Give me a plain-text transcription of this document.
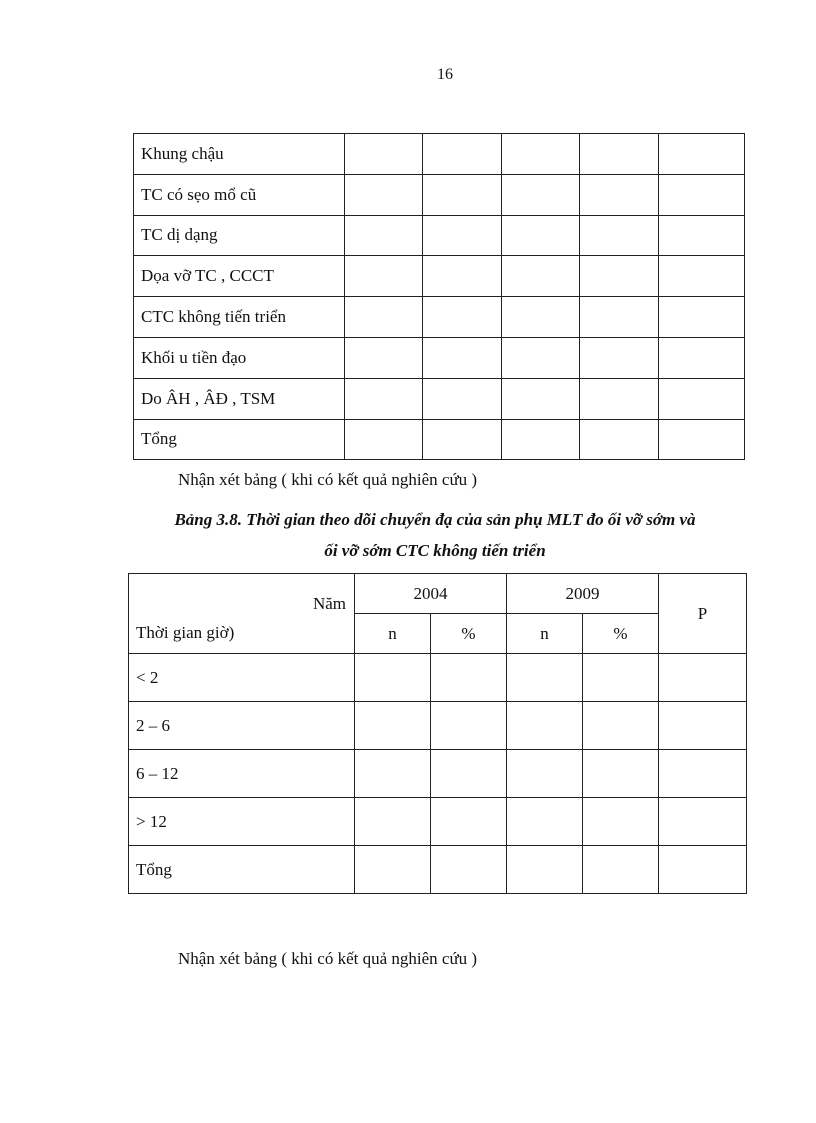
16
Khung chậu					
TC có sẹo mổ cũ					
TC dị dạng					
Dọa vỡ TC , CCCT					
CTC không tiến triển					
Khối u tiền đạo					
Do ÂH , ÂĐ , TSM					
Tổng					
Nhận xét bảng ( khi có kết quả nghiên cứu )
Bảng 3.8. Thời gian theo dõi chuyển đạ của sản phụ MLT đo ối vỡ sớm và
ối vỡ sớm CTC không tiến triển
Năm	2004		2009		P
Thời gian giờ)	n	%	n	%	
< 2					
2 – 6					
6 – 12					
> 12					
Tổng					
Nhận xét bảng ( khi có kết quả nghiên cứu )
